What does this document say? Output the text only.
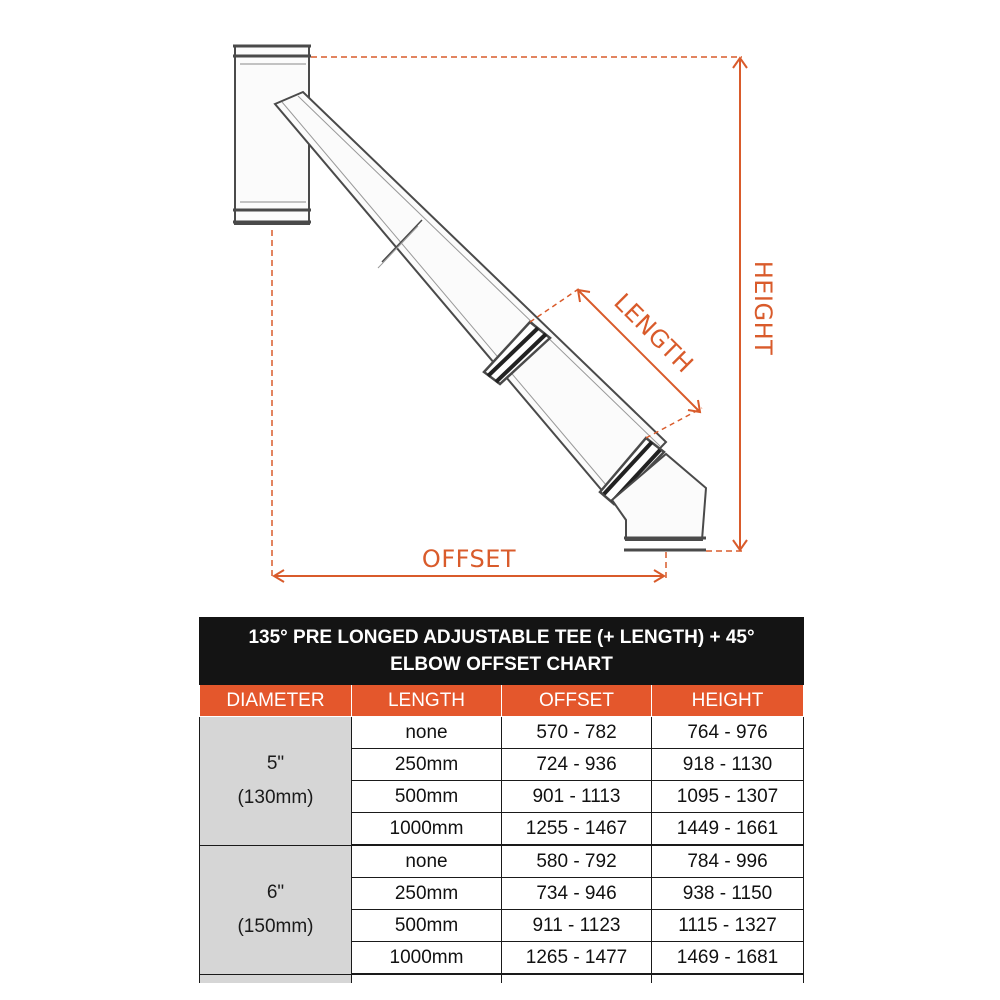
LENGTH HEIGHT
OFFSET
135° PRE LONGED ADJUSTABLE TEE (+ LENGTH) + 45°
ELBOW OFFSET CHART			
DIAMETER	LENGTH	OFFSET	HEIGHT
5"
(130mm)	none	570 - 782	764 - 976
	250mm	724 - 936	918 - 1130
	500mm	901 - 1113	1095 - 1307
	1000mm	1255 - 1467	1449 - 1661
6"
(150mm)	none	580 - 792	784 - 996
	250mm	734 - 946	938 - 1150
	500mm	911 - 1123	1115 - 1327
	1000mm	1265 - 1477	1469 - 1681
